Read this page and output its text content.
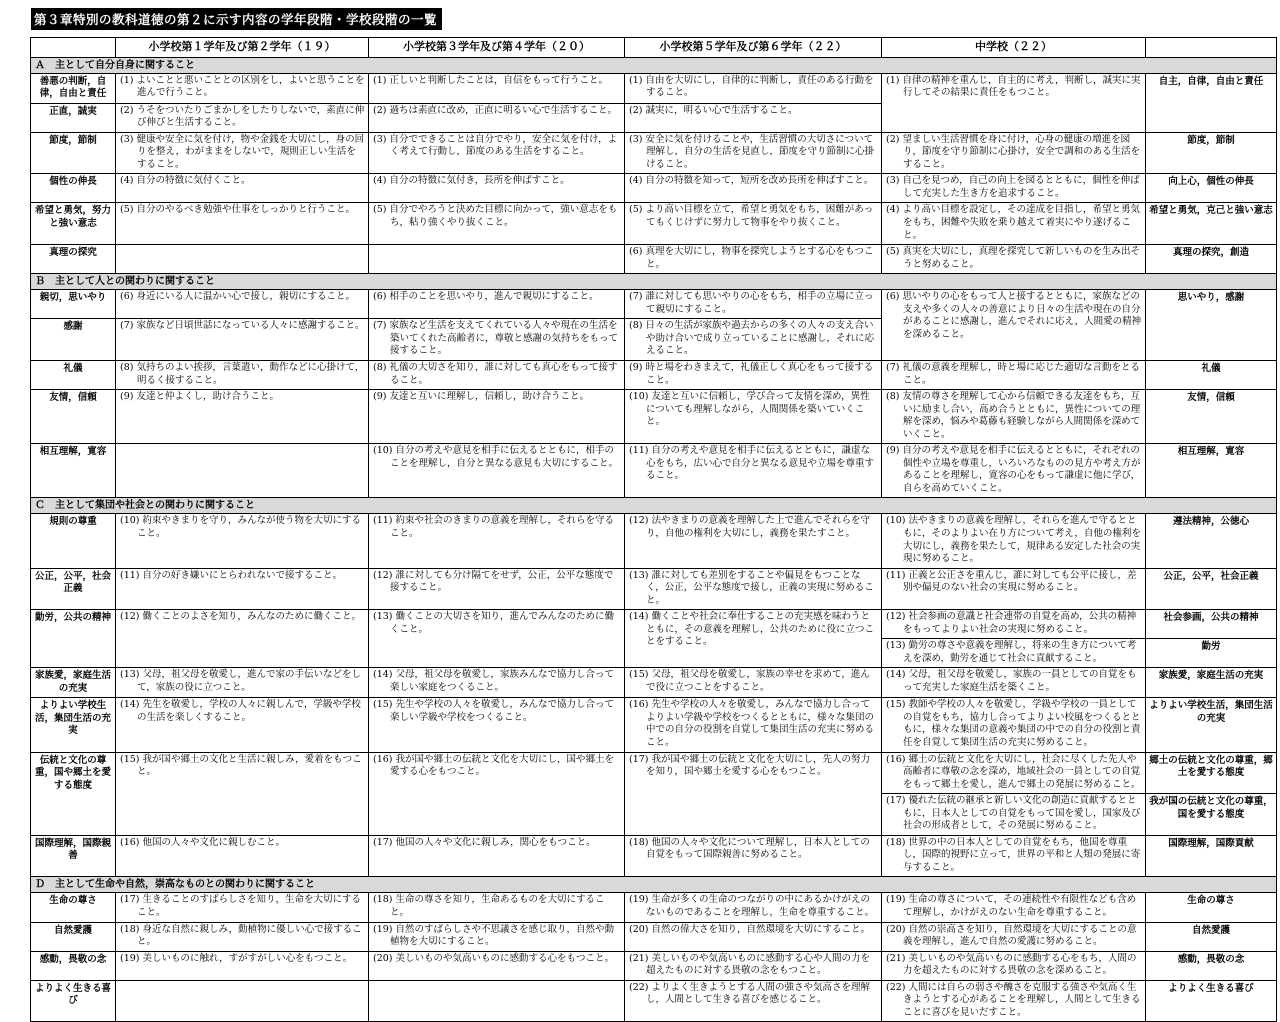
第３章特別の教科道徳の第２に示す内容の学年段階・学校段階の一覧
	小学校第１学年及び第２学年（１９）	小学校第３学年及び第４学年（２０）	小学校第５学年及び第６学年（２２）	中学校（２２）	
Ａ　主として自分自身に関すること					
善悪の判断，自律，自由と責任	(1) よいことと悪いこととの区別をし，よいと思うことを進んで行うこと。	(1) 正しいと判断したことは，自信をもって行うこと。	(1) 自由を大切にし，自律的に判断し，責任のある行動をすること。	(1) 自律の精神を重んじ，自主的に考え，判断し，誠実に実行してその結果に責任をもつこと。	自主，自律，自由と責任
正直，誠実	(2) うそをついたりごまかしをしたりしないで，素直に伸び伸びと生活すること。	(2) 過ちは素直に改め，正直に明るい心で生活すること。	(2) 誠実に，明るい心で生活すること。		
節度，節制	(3) 健康や安全に気を付け，物や金銭を大切にし，身の回りを整え，わがままをしないで，規則正しい生活をすること。	(3) 自分でできることは自分でやり，安全に気を付け，よく考えて行動し，節度のある生活をすること。	(3) 安全に気を付けることや，生活習慣の大切さについて理解し，自分の生活を見直し，節度を守り節制に心掛けること。	(2) 望ましい生活習慣を身に付け，心身の健康の増進を図り，節度を守り節制に心掛け，安全で調和のある生活をすること。	節度，節制
個性の伸長	(4) 自分の特徴に気付くこと。	(4) 自分の特徴に気付き，長所を伸ばすこと。	(4) 自分の特徴を知って，短所を改め長所を伸ばすこと。	(3) 自己を見つめ，自己の向上を図るとともに，個性を伸ばして充実した生き方を追求すること。	向上心，個性の伸長
希望と勇気，努力と強い意志	(5) 自分のやるべき勉強や仕事をしっかりと行うこと。	(5) 自分でやろうと決めた目標に向かって，強い意志をもち，粘り強くやり抜くこと。	(5) より高い目標を立て，希望と勇気をもち，困難があってもくじけずに努力して物事をやり抜くこと。	(4) より高い目標を設定し，その達成を目指し，希望と勇気をもち，困難や失敗を乗り越えて着実にやり遂げること。	希望と勇気，克己と強い意志
真理の探究			(6) 真理を大切にし，物事を探究しようとする心をもつこと。	(5) 真実を大切にし，真理を探究して新しいものを生み出そうと努めること。	真理の探究，創造
Ｂ　主として人との関わりに関すること					
親切，思いやり	(6) 身近にいる人に温かい心で接し，親切にすること。	(6) 相手のことを思いやり，進んで親切にすること。	(7) 誰に対しても思いやりの心をもち，相手の立場に立って親切にすること。	(6) 思いやりの心をもって人と接するとともに，家族などの支えや多くの人々の善意により日々の生活や現在の自分があることに感謝し，進んでそれに応え，人間愛の精神を深めること。	思いやり，感謝
感謝	(7) 家族など日頃世話になっている人々に感謝すること。	(7) 家族など生活を支えてくれている人々や現在の生活を築いてくれた高齢者に，尊敬と感謝の気持ちをもって接すること。	(8) 日々の生活が家族や過去からの多くの人々の支え合いや助け合いで成り立っていることに感謝し，それに応えること。		
礼儀	(8) 気持ちのよい挨拶，言葉遣い，動作などに心掛けて，明るく接すること。	(8) 礼儀の大切さを知り，誰に対しても真心をもって接すること。	(9) 時と場をわきまえて，礼儀正しく真心をもって接すること。	(7) 礼儀の意義を理解し，時と場に応じた適切な言動をとること。	礼儀
友情，信頼	(9) 友達と仲よくし，助け合うこと。	(9) 友達と互いに理解し，信頼し，助け合うこと。	(10) 友達と互いに信頼し，学び合って友情を深め，異性についても理解しながら，人間関係を築いていくこと。	(8) 友情の尊さを理解して心から信頼できる友達をもち，互いに励まし合い，高め合うとともに，異性についての理解を深め，悩みや葛藤も経験しながら人間関係を深めていくこと。	友情，信頼
相互理解，寛容		(10) 自分の考えや意見を相手に伝えるとともに，相手のことを理解し，自分と異なる意見も大切にすること。	(11) 自分の考えや意見を相手に伝えるとともに，謙虚な心をもち，広い心で自分と異なる意見や立場を尊重すること。	(9) 自分の考えや意見を相手に伝えるとともに，それぞれの個性や立場を尊重し，いろいろなものの見方や考え方があることを理解し，寛容の心をもって謙虚に他に学び，自らを高めていくこと。	相互理解，寛容
Ｃ　主として集団や社会との関わりに関すること					
規則の尊重	(10) 約束やきまりを守り，みんなが使う物を大切にすること。	(11) 約束や社会のきまりの意義を理解し，それらを守ること。	(12) 法やきまりの意義を理解した上で進んでそれらを守り，自他の権利を大切にし，義務を果たすこと。	(10) 法やきまりの意義を理解し，それらを進んで守るとともに，そのよりよい在り方について考え，自他の権利を大切にし，義務を果たして，規律ある安定した社会の実現に努めること。	遵法精神，公徳心
公正，公平，社会正義	(11) 自分の好き嫌いにとらわれないで接すること。	(12) 誰に対しても分け隔てをせず，公正，公平な態度で接すること。	(13) 誰に対しても差別をすることや偏見をもつことなく，公正，公平な態度で接し，正義の実現に努めること。	(11) 正義と公正さを重んじ，誰に対しても公平に接し，差別や偏見のない社会の実現に努めること。	公正，公平，社会正義
勤労，公共の精神	(12) 働くことのよさを知り，みんなのために働くこと。	(13) 働くことの大切さを知り，進んでみんなのために働くこと。	(14) 働くことや社会に奉仕することの充実感を味わうとともに，その意義を理解し，公共のために役に立つことをすること。	(12) 社会参画の意識と社会連帯の自覚を高め，公共の精神をもってよりよい社会の実現に努めること。	社会参画，公共の精神
				(13) 勤労の尊さや意義を理解し，将来の生き方について考えを深め，勤労を通じて社会に貢献すること。	勤労
家族愛，家庭生活の充実	(13) 父母，祖父母を敬愛し，進んで家の手伝いなどをして，家族の役に立つこと。	(14) 父母，祖父母を敬愛し，家族みんなで協力し合って楽しい家庭をつくること。	(15) 父母，祖父母を敬愛し，家族の幸せを求めて，進んで役に立つことをすること。	(14) 父母，祖父母を敬愛し，家族の一員としての自覚をもって充実した家庭生活を築くこと。	家族愛，家庭生活の充実
よりよい学校生活，集団生活の充実	(14) 先生を敬愛し，学校の人々に親しんで，学級や学校の生活を楽しくすること。	(15) 先生や学校の人々を敬愛し，みんなで協力し合って楽しい学級や学校をつくること。	(16) 先生や学校の人々を敬愛し，みんなで協力し合ってよりよい学級や学校をつくるとともに，様々な集団の中での自分の役割を自覚して集団生活の充実に努めること。	(15) 教師や学校の人々を敬愛し，学級や学校の一員としての自覚をもち，協力し合ってよりよい校風をつくるとともに，様々な集団の意義や集団の中での自分の役割と責任を自覚して集団生活の充実に努めること。	よりよい学校生活，集団生活の充実
伝統と文化の尊重，国や郷土を愛する態度	(15) 我が国や郷土の文化と生活に親しみ，愛着をもつこと。	(16) 我が国や郷土の伝統と文化を大切にし，国や郷土を愛する心をもつこと。	(17) 我が国や郷土の伝統と文化を大切にし，先人の努力を知り，国や郷土を愛する心をもつこと。	(16) 郷土の伝統と文化を大切にし，社会に尽くした先人や高齢者に尊敬の念を深め，地域社会の一員としての自覚をもって郷土を愛し，進んで郷土の発展に努めること。	郷土の伝統と文化の尊重，郷土を愛する態度
				(17) 優れた伝統の継承と新しい文化の創造に貢献するとともに，日本人としての自覚をもって国を愛し，国家及び社会の形成者として，その発展に努めること。	我が国の伝統と文化の尊重，国を愛する態度
国際理解，国際親善	(16) 他国の人々や文化に親しむこと。	(17) 他国の人々や文化に親しみ，関心をもつこと。	(18) 他国の人々や文化について理解し，日本人としての自覚をもって国際親善に努めること。	(18) 世界の中の日本人としての自覚をもち，他国を尊重し，国際的視野に立って，世界の平和と人類の発展に寄与すること。	国際理解，国際貢献
Ｄ　主として生命や自然，崇高なものとの関わりに関すること					
生命の尊さ	(17) 生きることのすばらしさを知り，生命を大切にすること。	(18) 生命の尊さを知り，生命あるものを大切にすること。	(19) 生命が多くの生命のつながりの中にあるかけがえのないものであることを理解し，生命を尊重すること。	(19) 生命の尊さについて，その連続性や有限性なども含めて理解し，かけがえのない生命を尊重すること。	生命の尊さ
自然愛護	(18) 身近な自然に親しみ，動植物に優しい心で接すること。	(19) 自然のすばらしさや不思議さを感じ取り，自然や動植物を大切にすること。	(20) 自然の偉大さを知り，自然環境を大切にすること。	(20) 自然の崇高さを知り，自然環境を大切にすることの意義を理解し，進んで自然の愛護に努めること。	自然愛護
感動，畏敬の念	(19) 美しいものに触れ，すがすがしい心をもつこと。	(20) 美しいものや気高いものに感動する心をもつこと。	(21) 美しいものや気高いものに感動する心や人間の力を超えたものに対する畏敬の念をもつこと。	(21) 美しいものや気高いものに感動する心をもち，人間の力を超えたものに対する畏敬の念を深めること。	感動，畏敬の念
よりよく生きる喜び			(22) よりよく生きようとする人間の強さや気高さを理解し，人間として生きる喜びを感じること。	(22) 人間には自らの弱さや醜さを克服する強さや気高く生きようとする心があることを理解し，人間として生きることに喜びを見いだすこと。	よりよく生きる喜び
